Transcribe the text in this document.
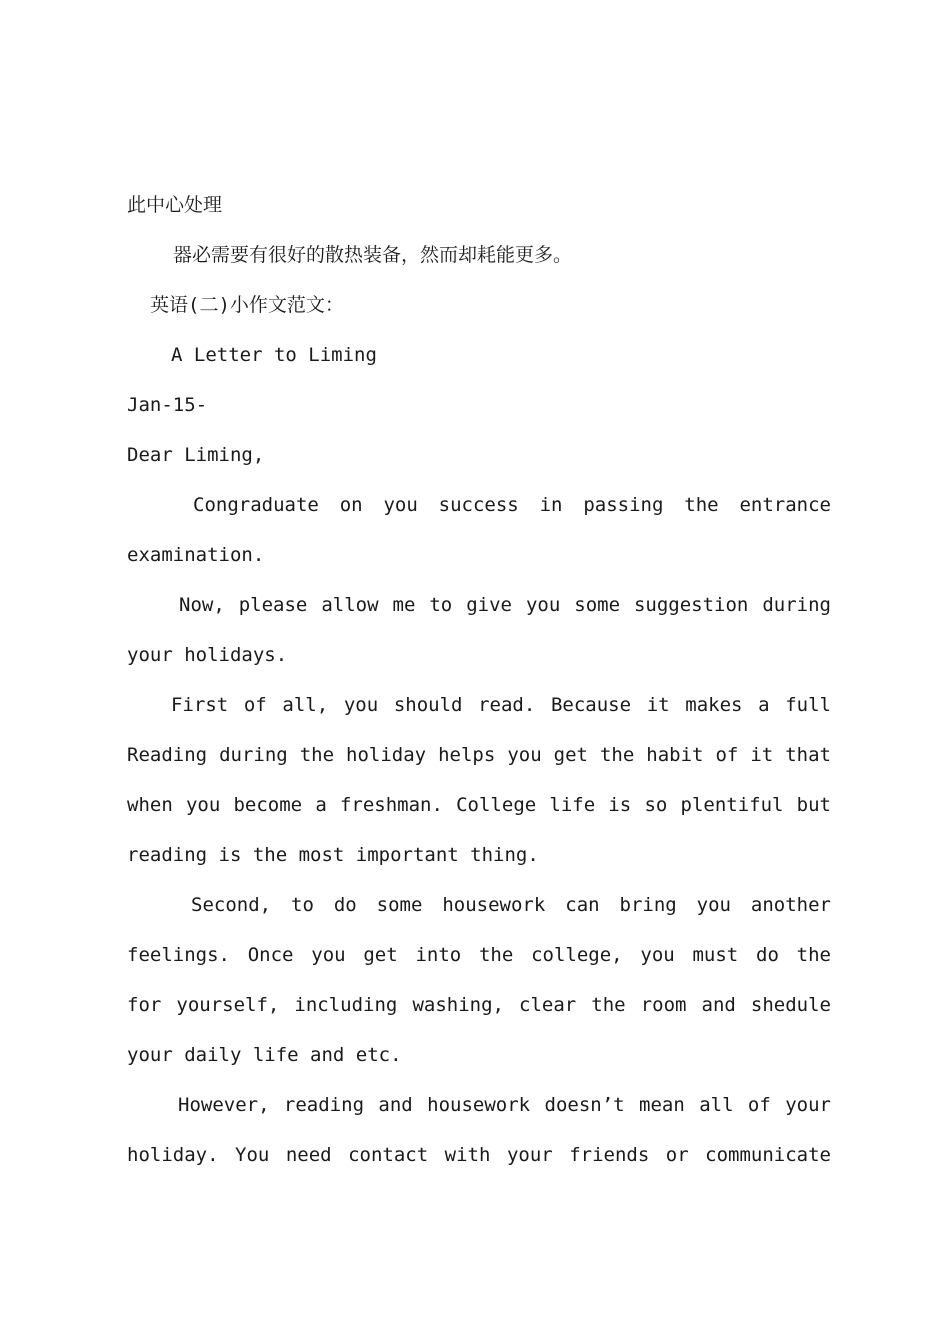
此中心处理

器必需要有很好的散热装备，然而却耗能更多。

英语(二)小作文范文：

A Letter to Liming

Jan-15-

Dear Liming,

Congraduate on you success in passing the entrance

examination.

Now, please allow me to give you some suggestion during

your holidays.

First of all, you should read. Because it makes a full

Reading during the holiday helps you get the habit of it that

when you become a freshman. College life is so plentiful but

reading is the most important thing.

Second, to do some housework can bring you another

feelings. Once you get into the college, you must do the

for yourself, including washing, clear the room and shedule

your daily life and etc.

However, reading and housework doesn’t mean all of your

holiday. You need contact with your friends or communicate
